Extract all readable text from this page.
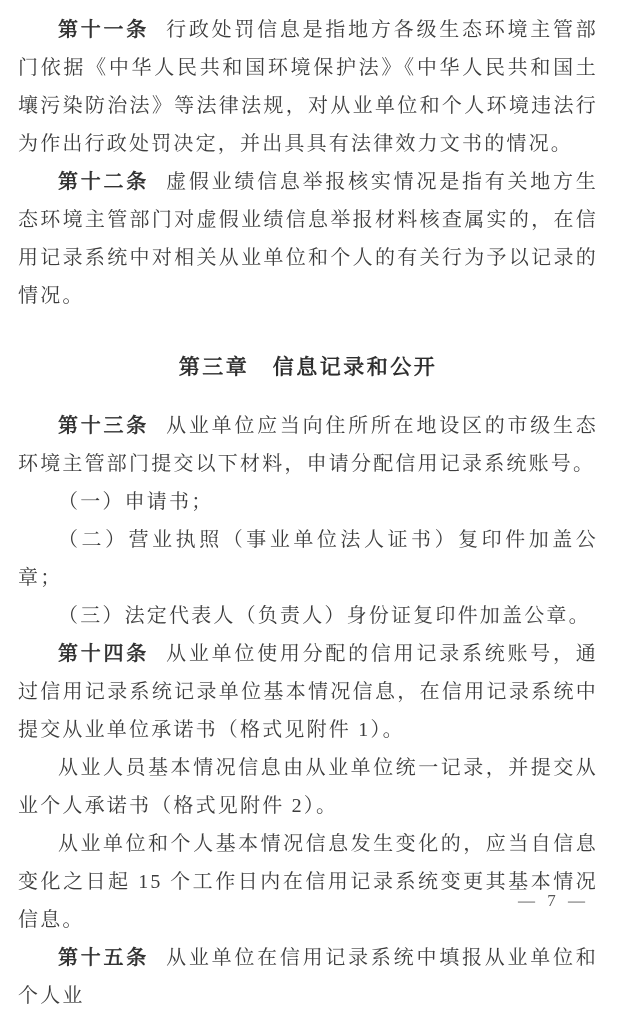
第十一条 行政处罚信息是指地方各级生态环境主管部门依据《中华人民共和国环境保护法》《中华人民共和国土壤污染防治法》等法律法规，对从业单位和个人环境违法行为作出行政处罚决定，并出具具有法律效力文书的情况。

第十二条 虚假业绩信息举报核实情况是指有关地方生态环境主管部门对虚假业绩信息举报材料核查属实的，在信用记录系统中对相关从业单位和个人的有关行为予以记录的情况。

第三章　信息记录和公开

第十三条 从业单位应当向住所所在地设区的市级生态环境主管部门提交以下材料，申请分配信用记录系统账号。

（一）申请书；

（二）营业执照（事业单位法人证书）复印件加盖公章；

（三）法定代表人（负责人）身份证复印件加盖公章。

第十四条 从业单位使用分配的信用记录系统账号，通过信用记录系统记录单位基本情况信息，在信用记录系统中提交从业单位承诺书（格式见附件 1）。

从业人员基本情况信息由从业单位统一记录，并提交从业个人承诺书（格式见附件 2）。

从业单位和个人基本情况信息发生变化的，应当自信息变化之日起 15 个工作日内在信用记录系统变更其基本情况信息。

第十五条 从业单位在信用记录系统中填报从业单位和个人业

— 7 —
